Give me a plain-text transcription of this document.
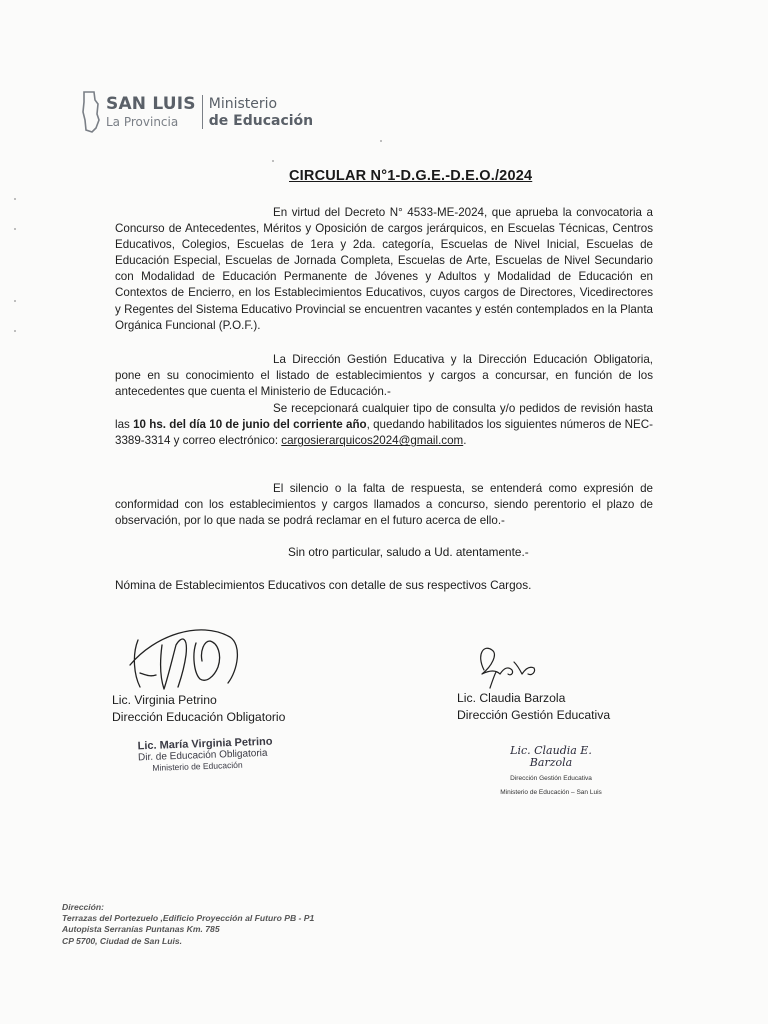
SAN LUIS
La Provincia
Ministerio
de Educación
CIRCULAR N°1-D.G.E.-D.E.O./2024
En virtud del Decreto N° 4533-ME-2024, que aprueba la convocatoria a Concurso de Antecedentes, Méritos y Oposición de cargos jerárquicos, en Escuelas Técnicas, Centros Educativos, Colegios, Escuelas de 1era y 2da. categoría, Escuelas de Nivel Inicial, Escuelas de Educación Especial, Escuelas de Jornada Completa, Escuelas de Arte, Escuelas de Nivel Secundario con Modalidad de Educación Permanente de Jóvenes y Adultos y Modalidad de Educación en Contextos de Encierro, en los Establecimientos Educativos, cuyos cargos de Directores, Vicedirectores y Regentes del Sistema Educativo Provincial se encuentren vacantes y estén contemplados en la Planta Orgánica Funcional (P.O.F.).
La Dirección Gestión Educativa y la Dirección Educación Obligatoria, pone en su conocimiento el listado de establecimientos y cargos a concursar, en función de los antecedentes que cuenta el Ministerio de Educación.-
Se recepcionará cualquier tipo de consulta y/o pedidos de revisión hasta las 10 hs. del día 10 de junio del corriente año, quedando habilitados los siguientes números de NEC- 3389-3314 y correo electrónico: cargosierarquicos2024@gmail.com.
El silencio o la falta de respuesta, se entenderá como expresión de conformidad con los establecimientos y cargos llamados a concurso, siendo perentorio el plazo de observación, por lo que nada se podrá reclamar en el futuro acerca de ello.-
Sin otro particular, saludo a Ud. atentamente.-
Nómina de Establecimientos Educativos con detalle de sus respectivos Cargos.
Lic. Virginia Petrino
Dirección Educación Obligatorio
Lic. Claudia Barzola
Dirección Gestión Educativa
Lic. María Virginia Petrino
Dir. de Educación Obligatoria
Ministerio de Educación
Lic. Claudia E. Barzola
Dirección Gestión Educativa
Ministerio de Educación – San Luis
Dirección:
Terrazas del Portezuelo ,Edificio Proyección al Futuro PB - P1
Autopista Serranías Puntanas Km. 785
CP 5700, Ciudad de San Luis.
